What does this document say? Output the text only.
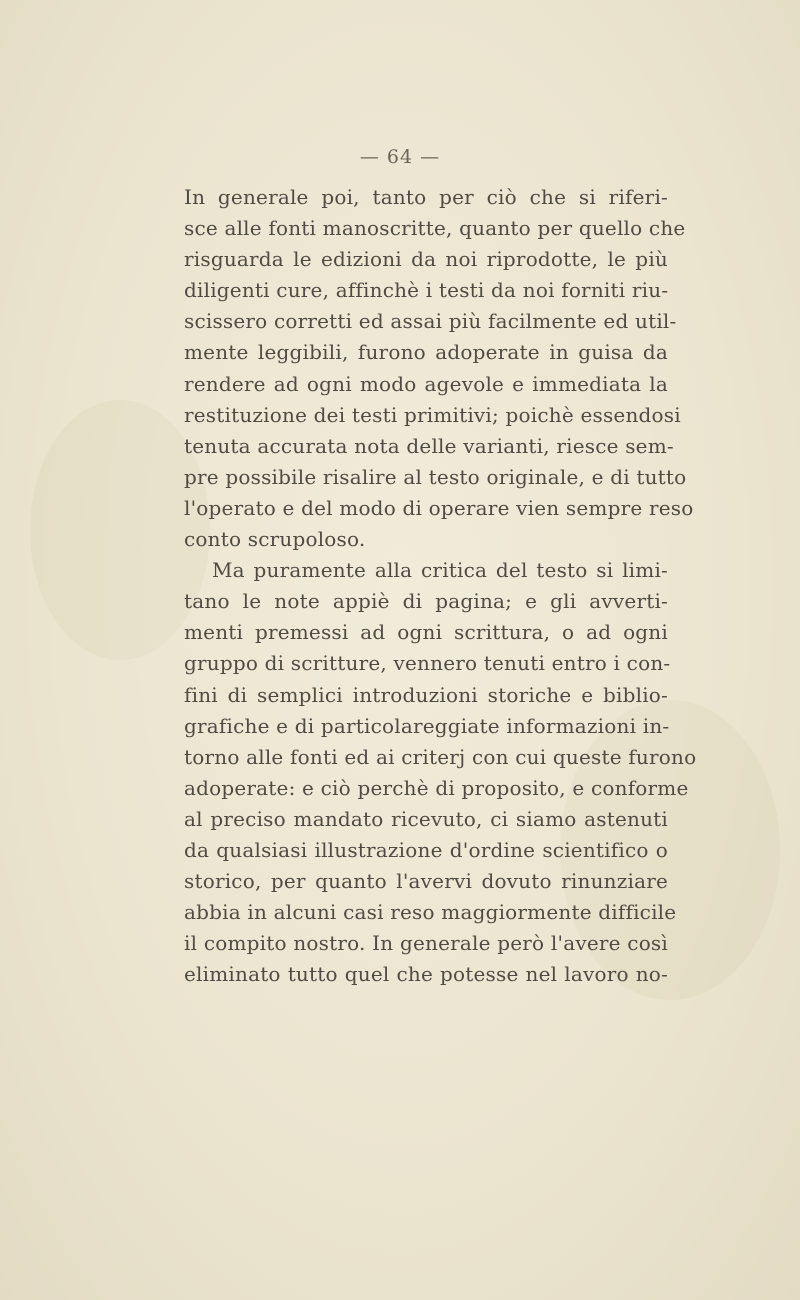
— 64 —
In generale poi, tanto per ciò che si riferi-
sce alle fonti manoscritte, quanto per quello che
risguarda le edizioni da noi riprodotte, le più
diligenti cure, affinchè i testi da noi forniti riu-
scissero corretti ed assai più facilmente ed util-
mente leggibili, furono adoperate in guisa da
rendere ad ogni modo agevole e immediata la
restituzione dei testi primitivi; poichè essendosi
tenuta accurata nota delle varianti, riesce sem-
pre possibile risalire al testo originale, e di tutto
l'operato e del modo di operare vien sempre reso
conto scrupoloso.
Ma puramente alla critica del testo si limi-
tano le note appiè di pagina; e gli avverti-
menti premessi ad ogni scrittura, o ad ogni
gruppo di scritture, vennero tenuti entro i con-
fini di semplici introduzioni storiche e biblio-
grafiche e di particolareggiate informazioni in-
torno alle fonti ed ai criterj con cui queste furono
adoperate: e ciò perchè di proposito, e conforme
al preciso mandato ricevuto, ci siamo astenuti
da qualsiasi illustrazione d'ordine scientifico o
storico, per quanto l'avervi dovuto rinunziare
abbia in alcuni casi reso maggiormente difficile
il compito nostro. In generale però l'avere così
eliminato tutto quel che potesse nel lavoro no-
